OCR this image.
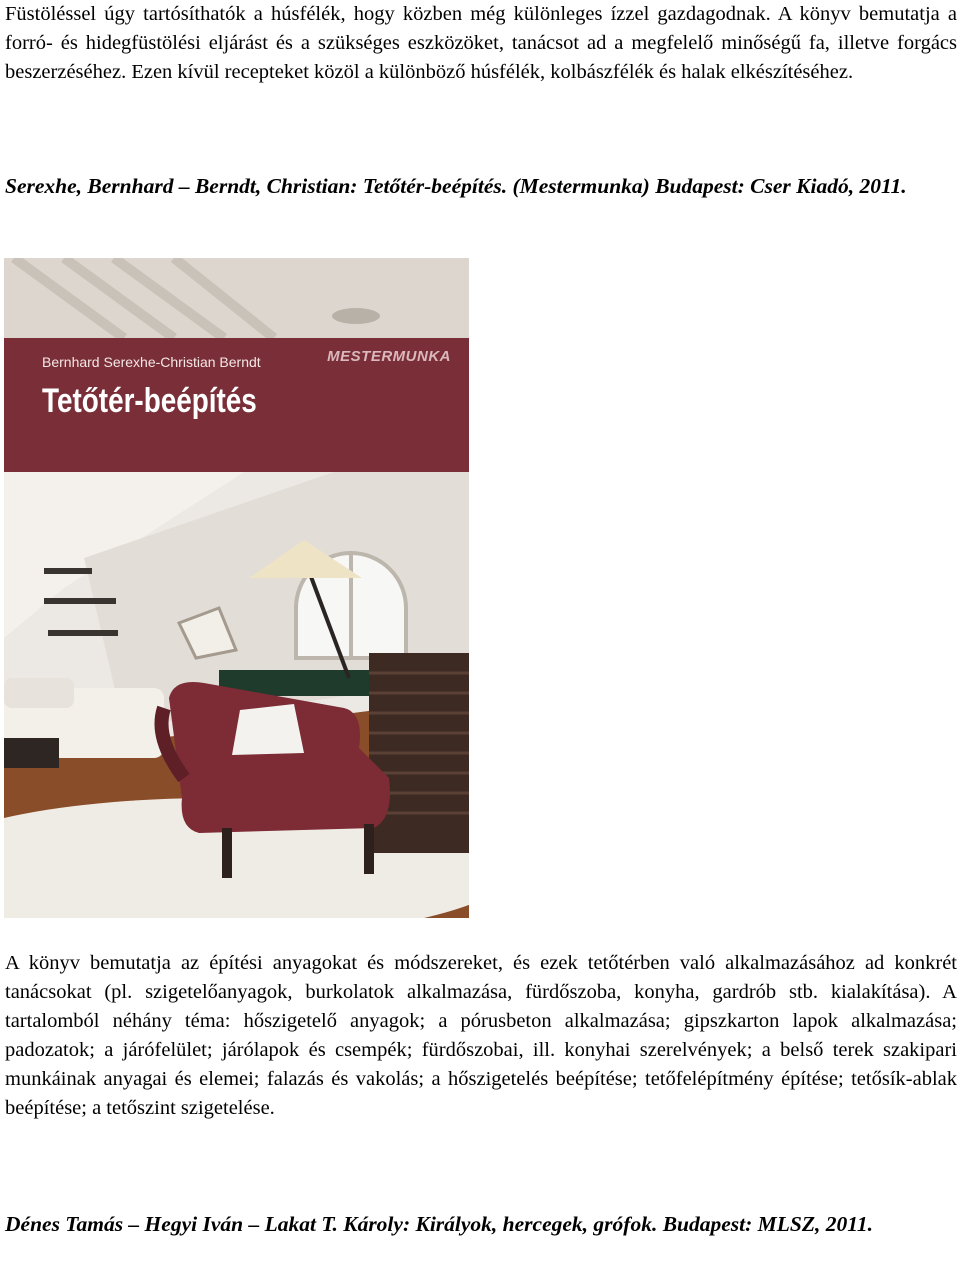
Füstöléssel úgy tartósíthatók a húsfélék, hogy közben még különleges ízzel gazdagodnak. A könyv bemutatja a forró- és hidegfüstölési eljárást és a szükséges eszközöket, tanácsot ad a megfelelő minőségű fa, illetve forgács beszerzéséhez. Ezen kívül recepteket közöl a különböző húsfélék, kolbászfélék és halak elkészítéséhez.

Serexhe, Bernhard – Berndt, Christian: Tetőtér-beépítés. (Mestermunka) Budapest: Cser Kiadó, 2011.

Bernhard Serexhe-Christian Berndt	MESTERMUNKA
Tetőtér-beépítés

A könyv bemutatja az építési anyagokat és módszereket, és ezek tetőtérben való alkalmazásához ad konkrét tanácsokat (pl. szigetelőanyagok, burkolatok alkalmazása, fürdőszoba, konyha, gardrób stb. kialakítása). A tartalomból néhány téma: hőszigetelő anyagok; a pórusbeton alkalmazása; gipszkarton lapok alkalmazása; padozatok; a járófelület; járólapok és csempék; fürdőszobai, ill. konyhai szerelvények; a belső terek szakipari munkáinak anyagai és elemei; falazás és vakolás; a hőszigetelés beépítése; tetőfelépítmény építése; tetősík-ablak beépítése; a tetőszint szigetelése.

Dénes Tamás – Hegyi Iván – Lakat T. Károly: Királyok, hercegek, grófok. Budapest: MLSZ, 2011.
